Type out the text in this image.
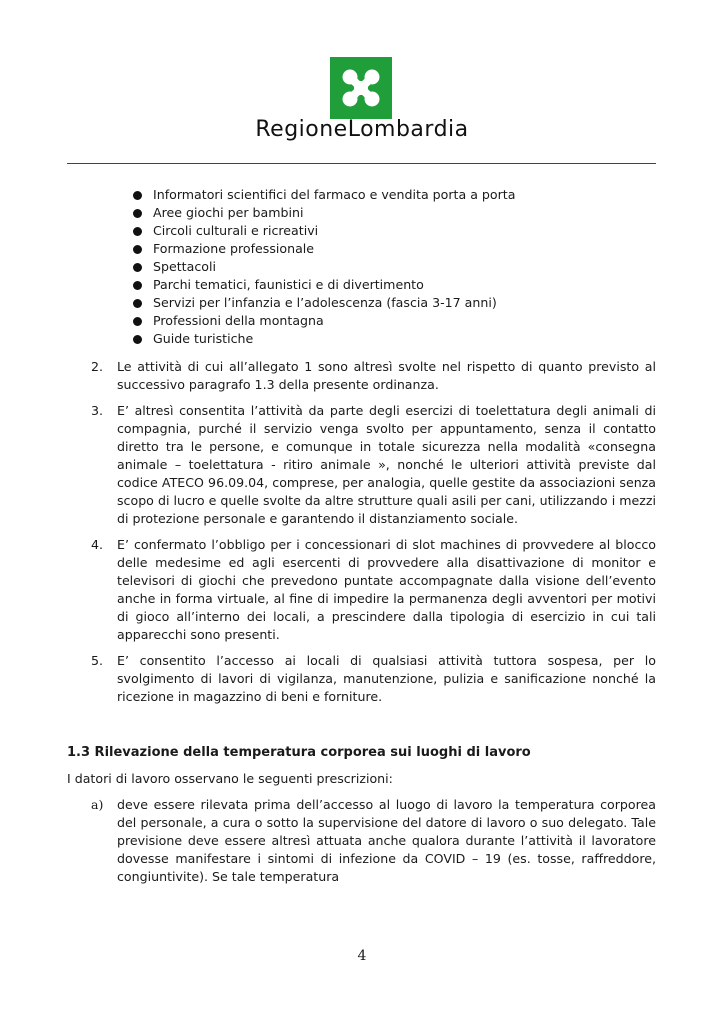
RegioneLombardia
Informatori scientifici del farmaco e vendita porta a porta
Aree giochi per bambini
Circoli culturali e ricreativi
Formazione professionale
Spettacoli
Parchi tematici, faunistici e di divertimento
Servizi per l’infanzia e l’adolescenza (fascia 3-17 anni)
Professioni della montagna
Guide turistiche
2. Le attività di cui all’allegato 1 sono altresì svolte nel rispetto di quanto previsto al successivo paragrafo 1.3 della presente ordinanza.
3. E’ altresì consentita l’attività da parte degli esercizi di toelettatura degli animali di compagnia, purché il servizio venga svolto per appuntamento, senza il contatto diretto tra le persone, e comunque in totale sicurezza nella modalità «consegna animale – toelettatura - ritiro animale », nonché le ulteriori attività previste dal codice ATECO 96.09.04, comprese, per analogia, quelle gestite da associazioni senza scopo di lucro e quelle svolte da altre strutture quali asili per cani, utilizzando i mezzi di protezione personale e garantendo il distanziamento sociale.
4. E’ confermato l’obbligo per i concessionari di slot machines di provvedere al blocco delle medesime ed agli esercenti di provvedere alla disattivazione di monitor e televisori di giochi che prevedono puntate accompagnate dalla visione dell’evento anche in forma virtuale, al fine di impedire la permanenza degli avventori per motivi di gioco all’interno dei locali, a prescindere dalla tipologia di esercizio in cui tali apparecchi sono presenti.
5. E’ consentito l’accesso ai locali di qualsiasi attività tuttora sospesa, per lo svolgimento di lavori di vigilanza, manutenzione, pulizia e sanificazione nonché la ricezione in magazzino di beni e forniture.
1.3 Rilevazione della temperatura corporea sui luoghi di lavoro
I datori di lavoro osservano le seguenti prescrizioni:
a) deve essere rilevata prima dell’accesso al luogo di lavoro la temperatura corporea del personale, a cura o sotto la supervisione del datore di lavoro o suo delegato. Tale previsione deve essere altresì attuata anche qualora durante l’attività il lavoratore dovesse manifestare i sintomi di infezione da COVID – 19 (es. tosse, raffreddore, congiuntivite). Se tale temperatura
4
